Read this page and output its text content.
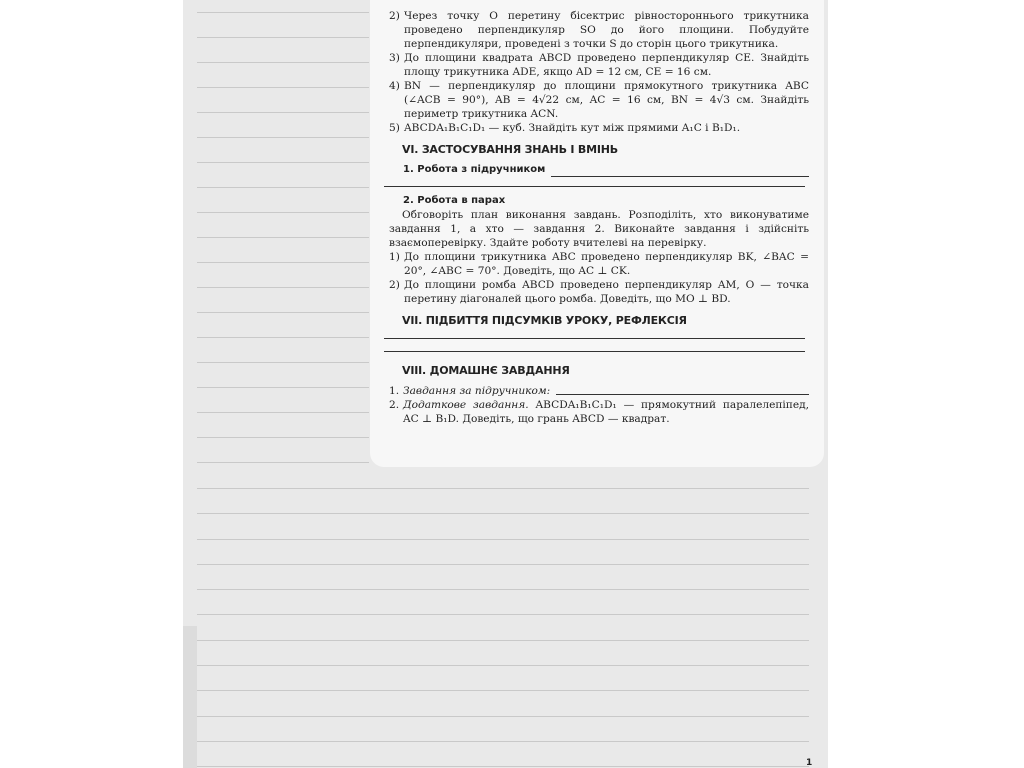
2) Через точку O перетину бісектрис рівностороннього трикутника проведено перпендикуляр SO до його площини. Побудуйте перпендикуляри, проведені з точки S до сторін цього трикутника.
3) До площини квадрата ABCD проведено перпендикуляр CE. Знайдіть площу трикутника ADE, якщо AD = 12 см, CE = 16 см.
4) BN — перпендикуляр до площини прямокутного трикутника ABC (∠ACB = 90°), AB = 4√22 см, AC = 16 см, BN = 4√3 см. Знайдіть периметр трикутника ACN.
5) ABCDA₁B₁C₁D₁ — куб. Знайдіть кут між прямими A₁C і B₁D₁.
VI. ЗАСТОСУВАННЯ ЗНАНЬ І ВМІНЬ
1. Робота з підручником
2. Робота в парах
Обговоріть план виконання завдань. Розподіліть, хто виконуватиме завдання 1, а хто — завдання 2. Виконайте завдання і здійсніть взаємоперевірку. Здайте роботу вчителеві на перевірку.
1) До площини трикутника ABC проведено перпендикуляр BK, ∠BAC = 20°, ∠ABC = 70°. Доведіть, що AC ⊥ CK.
2) До площини ромба ABCD проведено перпендикуляр AM, O — точка перетину діагоналей цього ромба. Доведіть, що MO ⊥ BD.
VII. ПІДБИТТЯ ПІДСУМКІВ УРОКУ, РЕФЛЕКСІЯ
VIII. ДОМАШНЄ ЗАВДАННЯ
1. Завдання за підручником:
2. Додаткове завдання. ABCDA₁B₁C₁D₁ — прямокутний паралелепіпед, AC ⊥ B₁D. Доведіть, що грань ABCD — квадрат.
1
